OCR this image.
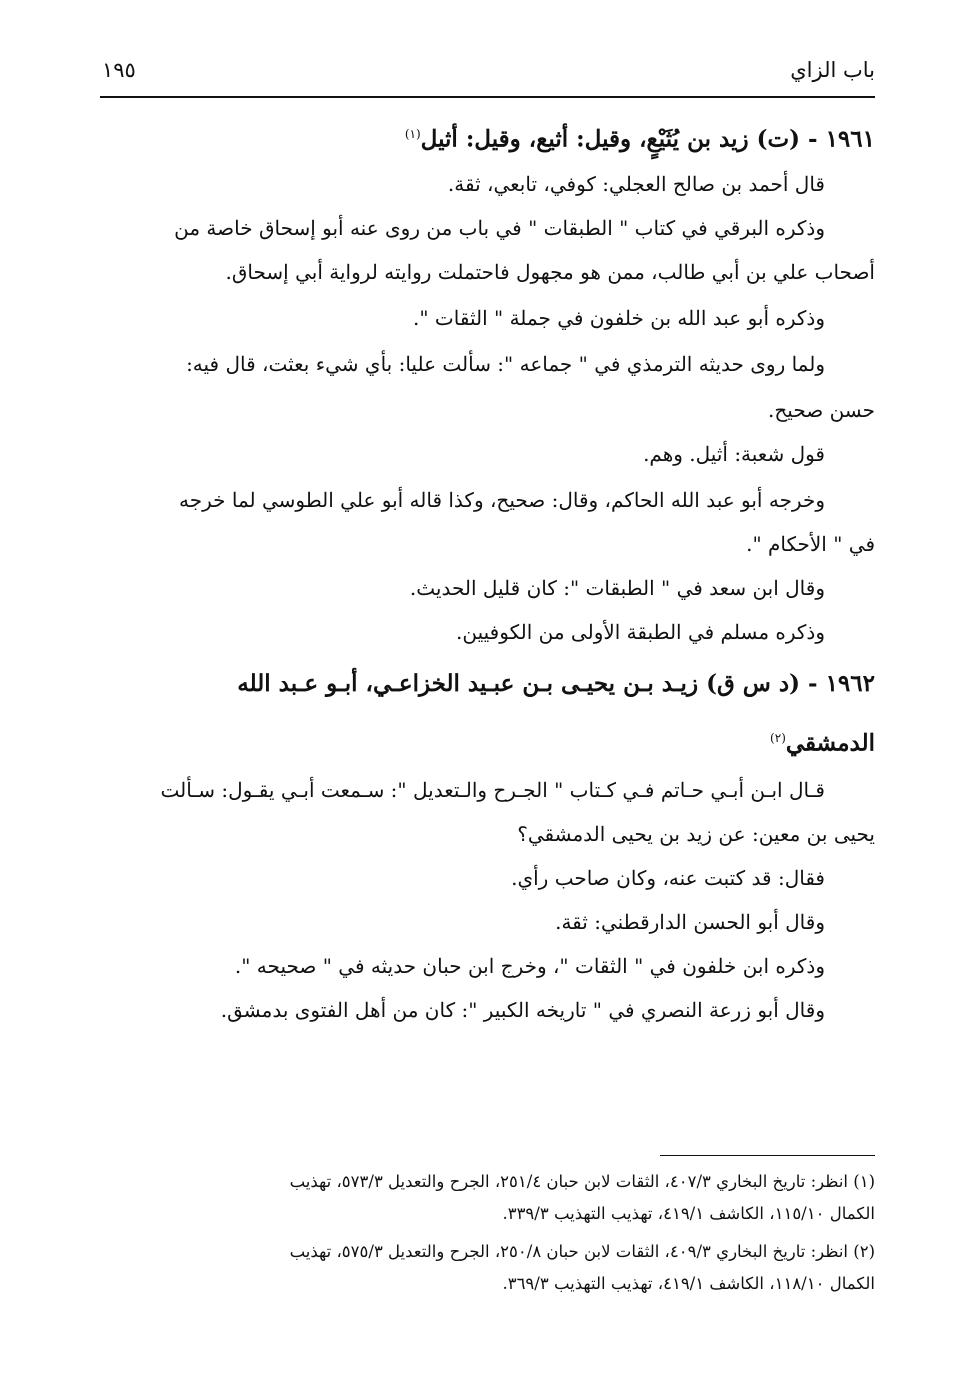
باب الزاي
١٩٥
١٩٦١ - (ت) زيد بن يُثَيْعٍ، وقيل: أثيع، وقيل: أثيل$^{(١)}$
قال أحمد بن صالح العجلي: كوفي، تابعي، ثقة.
وذكره البرقي في كتاب " الطبقات " في باب من روى عنه أبو إسحاق خاصة من
أصحاب علي بن أبي طالب، ممن هو مجهول فاحتملت روايته لرواية أبي إسحاق.
وذكره أبو عبد الله بن خلفون في جملة " الثقات ".
ولما روى حديثه الترمذي في " جماعه ": سألت عليا: بأي شيء بعثت، قال فيه:
حسن صحيح.
قول شعبة: أثيل. وهم.
وخرجه أبو عبد الله الحاكم، وقال: صحيح، وكذا قاله أبو علي الطوسي لما خرجه
في " الأحكام ".
وقال ابن سعد في " الطبقات ": كان قليل الحديث.
وذكره مسلم في الطبقة الأولى من الكوفيين.
١٩٦٢ - (د س ق) زيـد بـن يحيـى بـن عبـيد الخزاعـي، أبـو عـبد الله
الدمشقي$^{(٢)}$
قـال ابـن أبـي حـاتم فـي كـتاب " الجـرح والـتعديل ": سـمعت أبـي يقـول: سـألت
يحيى بن معين: عن زيد بن يحيى الدمشقي؟
فقال: قد كتبت عنه، وكان صاحب رأي.
وقال أبو الحسن الدارقطني: ثقة.
وذكره ابن خلفون في " الثقات "، وخرج ابن حبان حديثه في " صحيحه ".
وقال أبو زرعة النصري في " تاريخه الكبير ": كان من أهل الفتوى بدمشق.
(١) انظر: تاريخ البخاري ٤٠٧/٣، الثقات لابن حبان ٢٥١/٤، الجرح والتعديل ٥٧٣/٣، تهذيب
الكمال ١١٥/١٠، الكاشف ٤١٩/١، تهذيب التهذيب ٣٣٩/٣.
(٢) انظر: تاريخ البخاري ٤٠٩/٣، الثقات لابن حبان ٢٥٠/٨، الجرح والتعديل ٥٧٥/٣، تهذيب
الكمال ١١٨/١٠، الكاشف ٤١٩/١، تهذيب التهذيب ٣٦٩/٣.
